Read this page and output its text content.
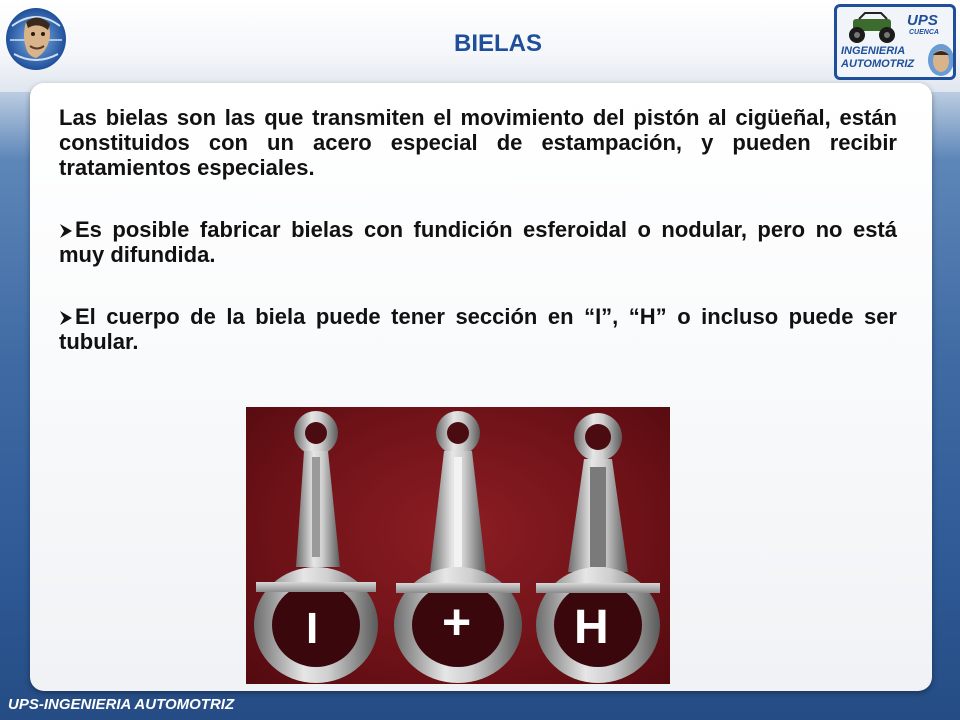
BIELAS
UPS
CUENCA
INGENIERIA
AUTOMOTRIZ

Las bielas son las que transmiten el movimiento del pistón al cigüeñal, están constituidos con un acero especial de estampación, y pueden recibir tratamientos especiales.

Es posible fabricar bielas con fundición esferoidal o nodular, pero no está muy difundida.

El cuerpo de la biela puede tener sección en “I”, “H” o incluso puede ser tubular.

I + H
UPS-INGENIERIA AUTOMOTRIZ
